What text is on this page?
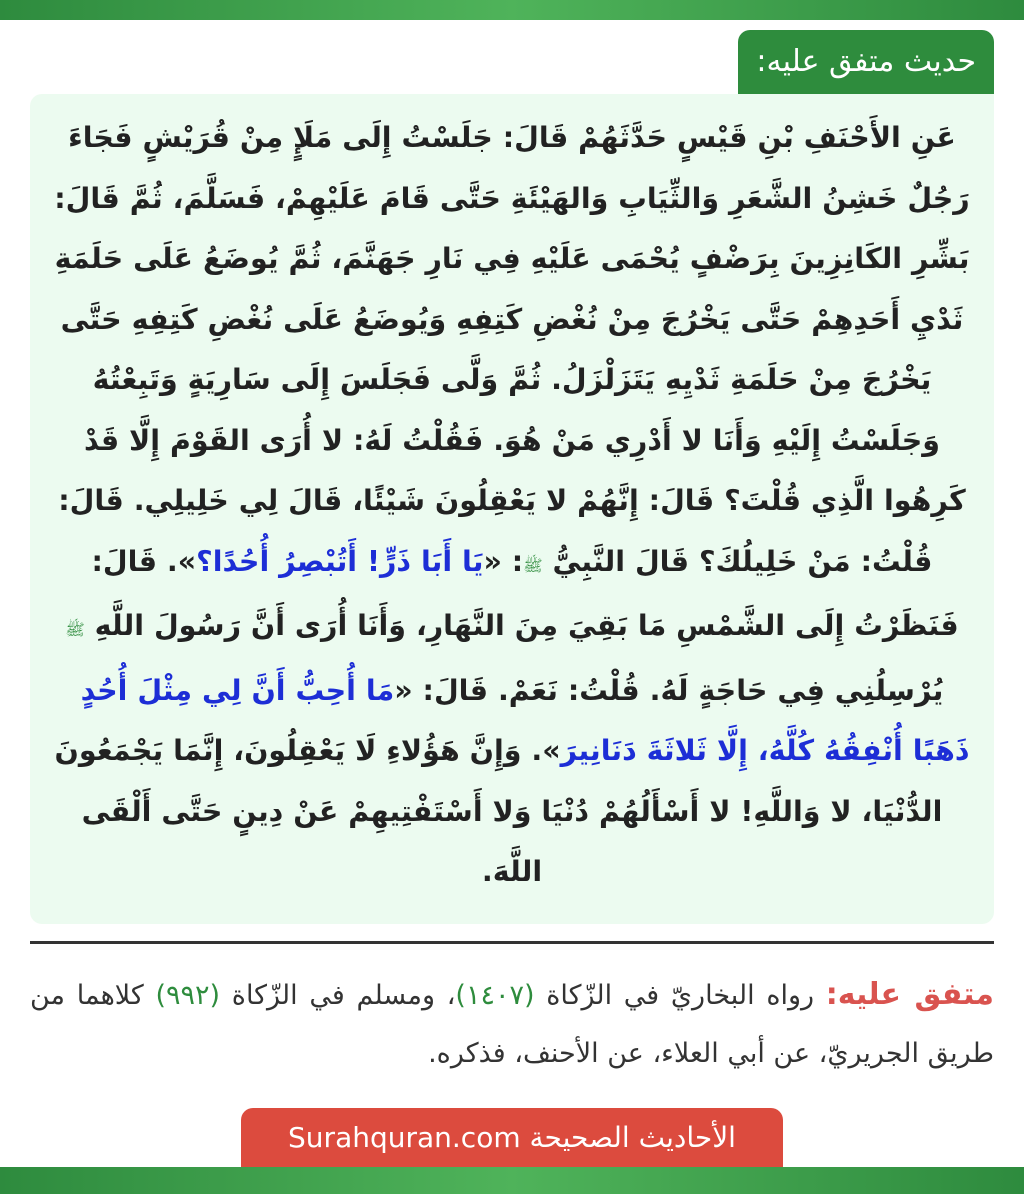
حديث متفق عليه:

عَنِ الأَحْنَفِ بْنِ قَيْسٍ حَدَّثَهُمْ قَالَ: جَلَسْتُ إِلَى مَلَإٍ مِنْ قُرَيْشٍ فَجَاءَ رَجُلٌ خَشِنُ الشَّعَرِ وَالثِّيَابِ وَالهَيْئَةِ حَتَّى قَامَ عَلَيْهِمْ، فَسَلَّمَ، ثُمَّ قَالَ: بَشِّرِ الكَانِزِينَ بِرَضْفٍ يُحْمَى عَلَيْهِ فِي نَارِ جَهَنَّمَ، ثُمَّ يُوضَعُ عَلَى حَلَمَةِ ثَدْيِ أَحَدِهِمْ حَتَّى يَخْرُجَ مِنْ نُغْضِ كَتِفِهِ وَيُوضَعُ عَلَى نُغْضِ كَتِفِهِ حَتَّى يَخْرُجَ مِنْ حَلَمَةِ ثَدْيِهِ يَتَزَلْزَلُ. ثُمَّ وَلَّى فَجَلَسَ إِلَى سَارِيَةٍ وَتَبِعْتُهُ وَجَلَسْتُ إِلَيْهِ وَأَنَا لا أَدْرِي مَنْ هُوَ. فَقُلْتُ لَهُ: لا أُرَى القَوْمَ إِلَّا قَدْ كَرِهُوا الَّذِي قُلْتَ؟ قَالَ: إِنَّهُمْ لا يَعْقِلُونَ شَيْئًا، قَالَ لِي خَلِيلِي. قَالَ: قُلْتُ: مَنْ خَلِيلُكَ؟ قَالَ النَّبِيُّ ﷺ: «يَا أَبَا ذَرٍّ! أَتُبْصِرُ أُحُدًا؟». قَالَ: فَنَظَرْتُ إِلَى الشَّمْسِ مَا بَقِيَ مِنَ النَّهَارِ، وَأَنَا أُرَى أَنَّ رَسُولَ اللَّهِ ﷺ يُرْسِلُنِي فِي حَاجَةٍ لَهُ. قُلْتُ: نَعَمْ. قَالَ: «مَا أُحِبُّ أَنَّ لِي مِثْلَ أُحُدٍ ذَهَبًا أُنْفِقُهُ كُلَّهُ، إِلَّا ثَلاثَةَ دَنَانِيرَ». وَإِنَّ هَؤُلاءِ لَا يَعْقِلُونَ، إِنَّمَا يَجْمَعُونَ الدُّنْيَا، لا وَاللَّهِ! لا أَسْأَلُهُمْ دُنْيَا وَلا أَسْتَفْتِيهِمْ عَنْ دِينٍ حَتَّى أَلْقَى اللَّهَ.

متفق عليه: رواه البخاريّ في الزّكاة (١٤٠٧)، ومسلم في الزّكاة (٩٩٢) كلاهما من طريق الجريريّ، عن أبي العلاء، عن الأحنف، فذكره.

الأحاديث الصحيحة Surahquran.com
